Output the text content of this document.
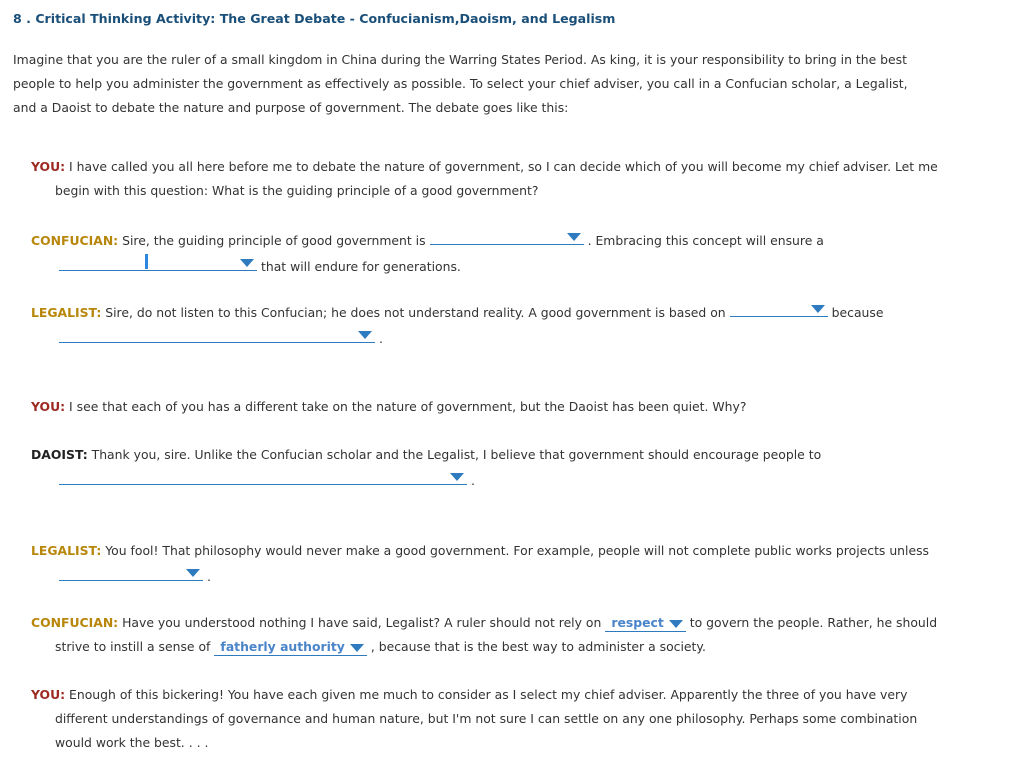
8 . Critical Thinking Activity: The Great Debate - Confucianism,Daoism, and Legalism
Imagine that you are the ruler of a small kingdom in China during the Warring States Period. As king, it is your responsibility to bring in the best people to help you administer the government as effectively as possible. To select your chief adviser, you call in a Confucian scholar, a Legalist, and a Daoist to debate the nature and purpose of government. The debate goes like this:
YOU: I have called you all here before me to debate the nature of government, so I can decide which of you will become my chief adviser. Let me begin with this question: What is the guiding principle of a good government?
CONFUCIAN: Sire, the guiding principle of good government is	. Embracing this concept will ensure a
that will endure for generations.
LEGALIST: Sire, do not listen to this Confucian; he does not understand reality. A good government is based on	because
.
YOU: I see that each of you has a different take on the nature of government, but the Daoist has been quiet. Why?
DAOIST: Thank you, sire. Unlike the Confucian scholar and the Legalist, I believe that government should encourage people to
.
LEGALIST: You fool! That philosophy would never make a good government. For example, people will not complete public works projects unless
.
CONFUCIAN: Have you understood nothing I have said, Legalist? A ruler should not rely on respect	to govern the people. Rather, he should strive to instill a sense of fatherly authority	, because that is the best way to administer a society.
YOU: Enough of this bickering! You have each given me much to consider as I select my chief adviser. Apparently the three of you have very different understandings of governance and human nature, but I'm not sure I can settle on any one philosophy. Perhaps some combination would work the best. . . .
